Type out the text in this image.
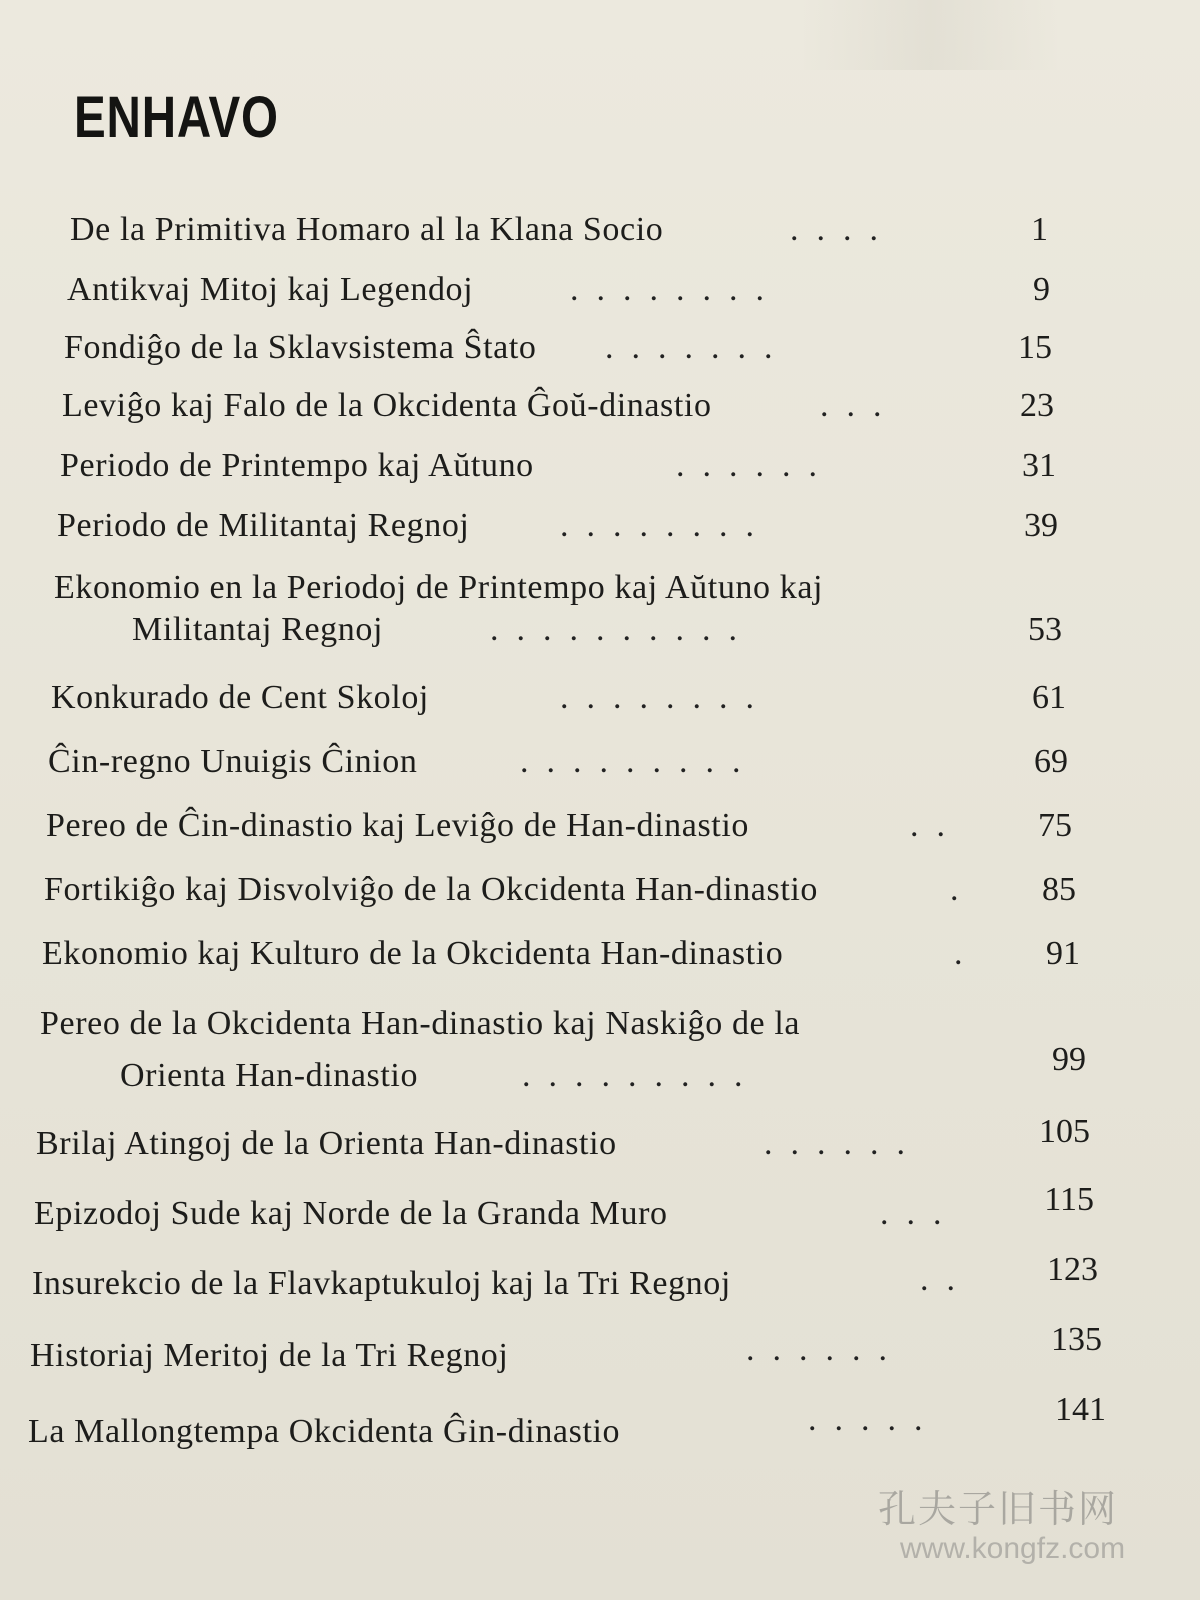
ENHAVO
De la Primitiva Homaro al la Klana Socio	....	1
Antikvaj Mitoj kaj Legendoj	........	9
Fondiĝo de la Sklavsistema Ŝtato .......	15
Leviĝo kaj Falo de la Okcidenta Ĝoŭ-dinastio	...	23
Periodo de Printempo kaj Aŭtuno	......	31
Periodo de Militantaj Regnoj	........	39
Ekonomio en la Periodoj de Printempo kaj Aŭtuno kaj
Militantaj Regnoj	..........	53
Konkurado de Cent Skoloj	........	61
Ĉin-regno Unuigis Ĉinion	.........	69
Pereo de Ĉin-dinastio kaj Leviĝo de Han-dinastio	..	75
Fortikiĝo kaj Disvolviĝo de la Okcidenta Han-dinastio	.	85
Ekonomio kaj Kulturo de la Okcidenta Han-dinastio	.	91
Pereo de la Okcidenta Han-dinastio kaj Naskiĝo de la
Orienta Han-dinastio	.........	99
Brilaj Atingoj de la Orienta Han-dinastio	......	105
Epizodoj Sude kaj Norde de la Granda Muro	...	115
Insurekcio de la Flavkaptukuloj kaj la Tri Regnoj	..	123
Historiaj Meritoj de la Tri Regnoj	......	135
La Mallongtempa Okcidenta Ĝin-dinastio	.....	141
孔夫子旧书网
www.kongfz.com
